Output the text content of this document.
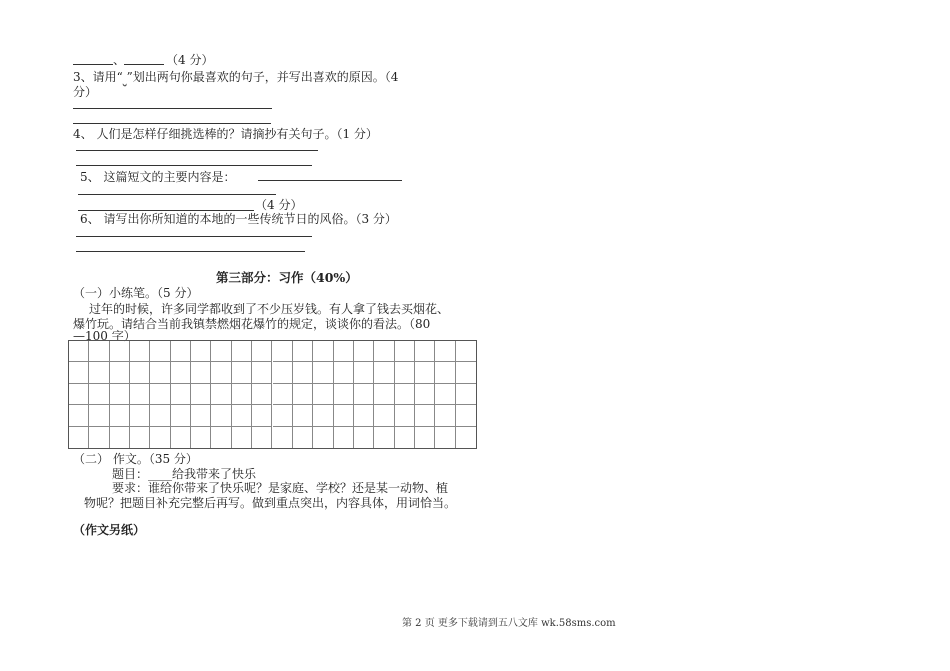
、	（4 分）
3、请用“ ”划出两句你最喜欢的句子，并写出喜欢的原因。（4
分）
4、 人们是怎样仔细挑选棒的？请摘抄有关句子。（1 分）
5、 这篇短文的主要内容是：
（4 分）
6、 请写出你所知道的本地的一些传统节日的风俗。（3 分）
第三部分：习作（40%）
（一）小练笔。（5 分）
过年的时候，许多同学都收到了不少压岁钱。有人拿了钱去买烟花、
爆竹玩。请结合当前我镇禁燃烟花爆竹的规定，谈谈你的看法。（80
—100 字）
（二） 作文。（35 分）
题目：____给我带来了快乐
要求：谁给你带来了快乐呢？是家庭、学校？还是某一动物、植
物呢？把题目补充完整后再写。做到重点突出，内容具体，用词恰当。
（作文另纸）
第 2 页 更多下载请到五八文库 wk.58sms.com
